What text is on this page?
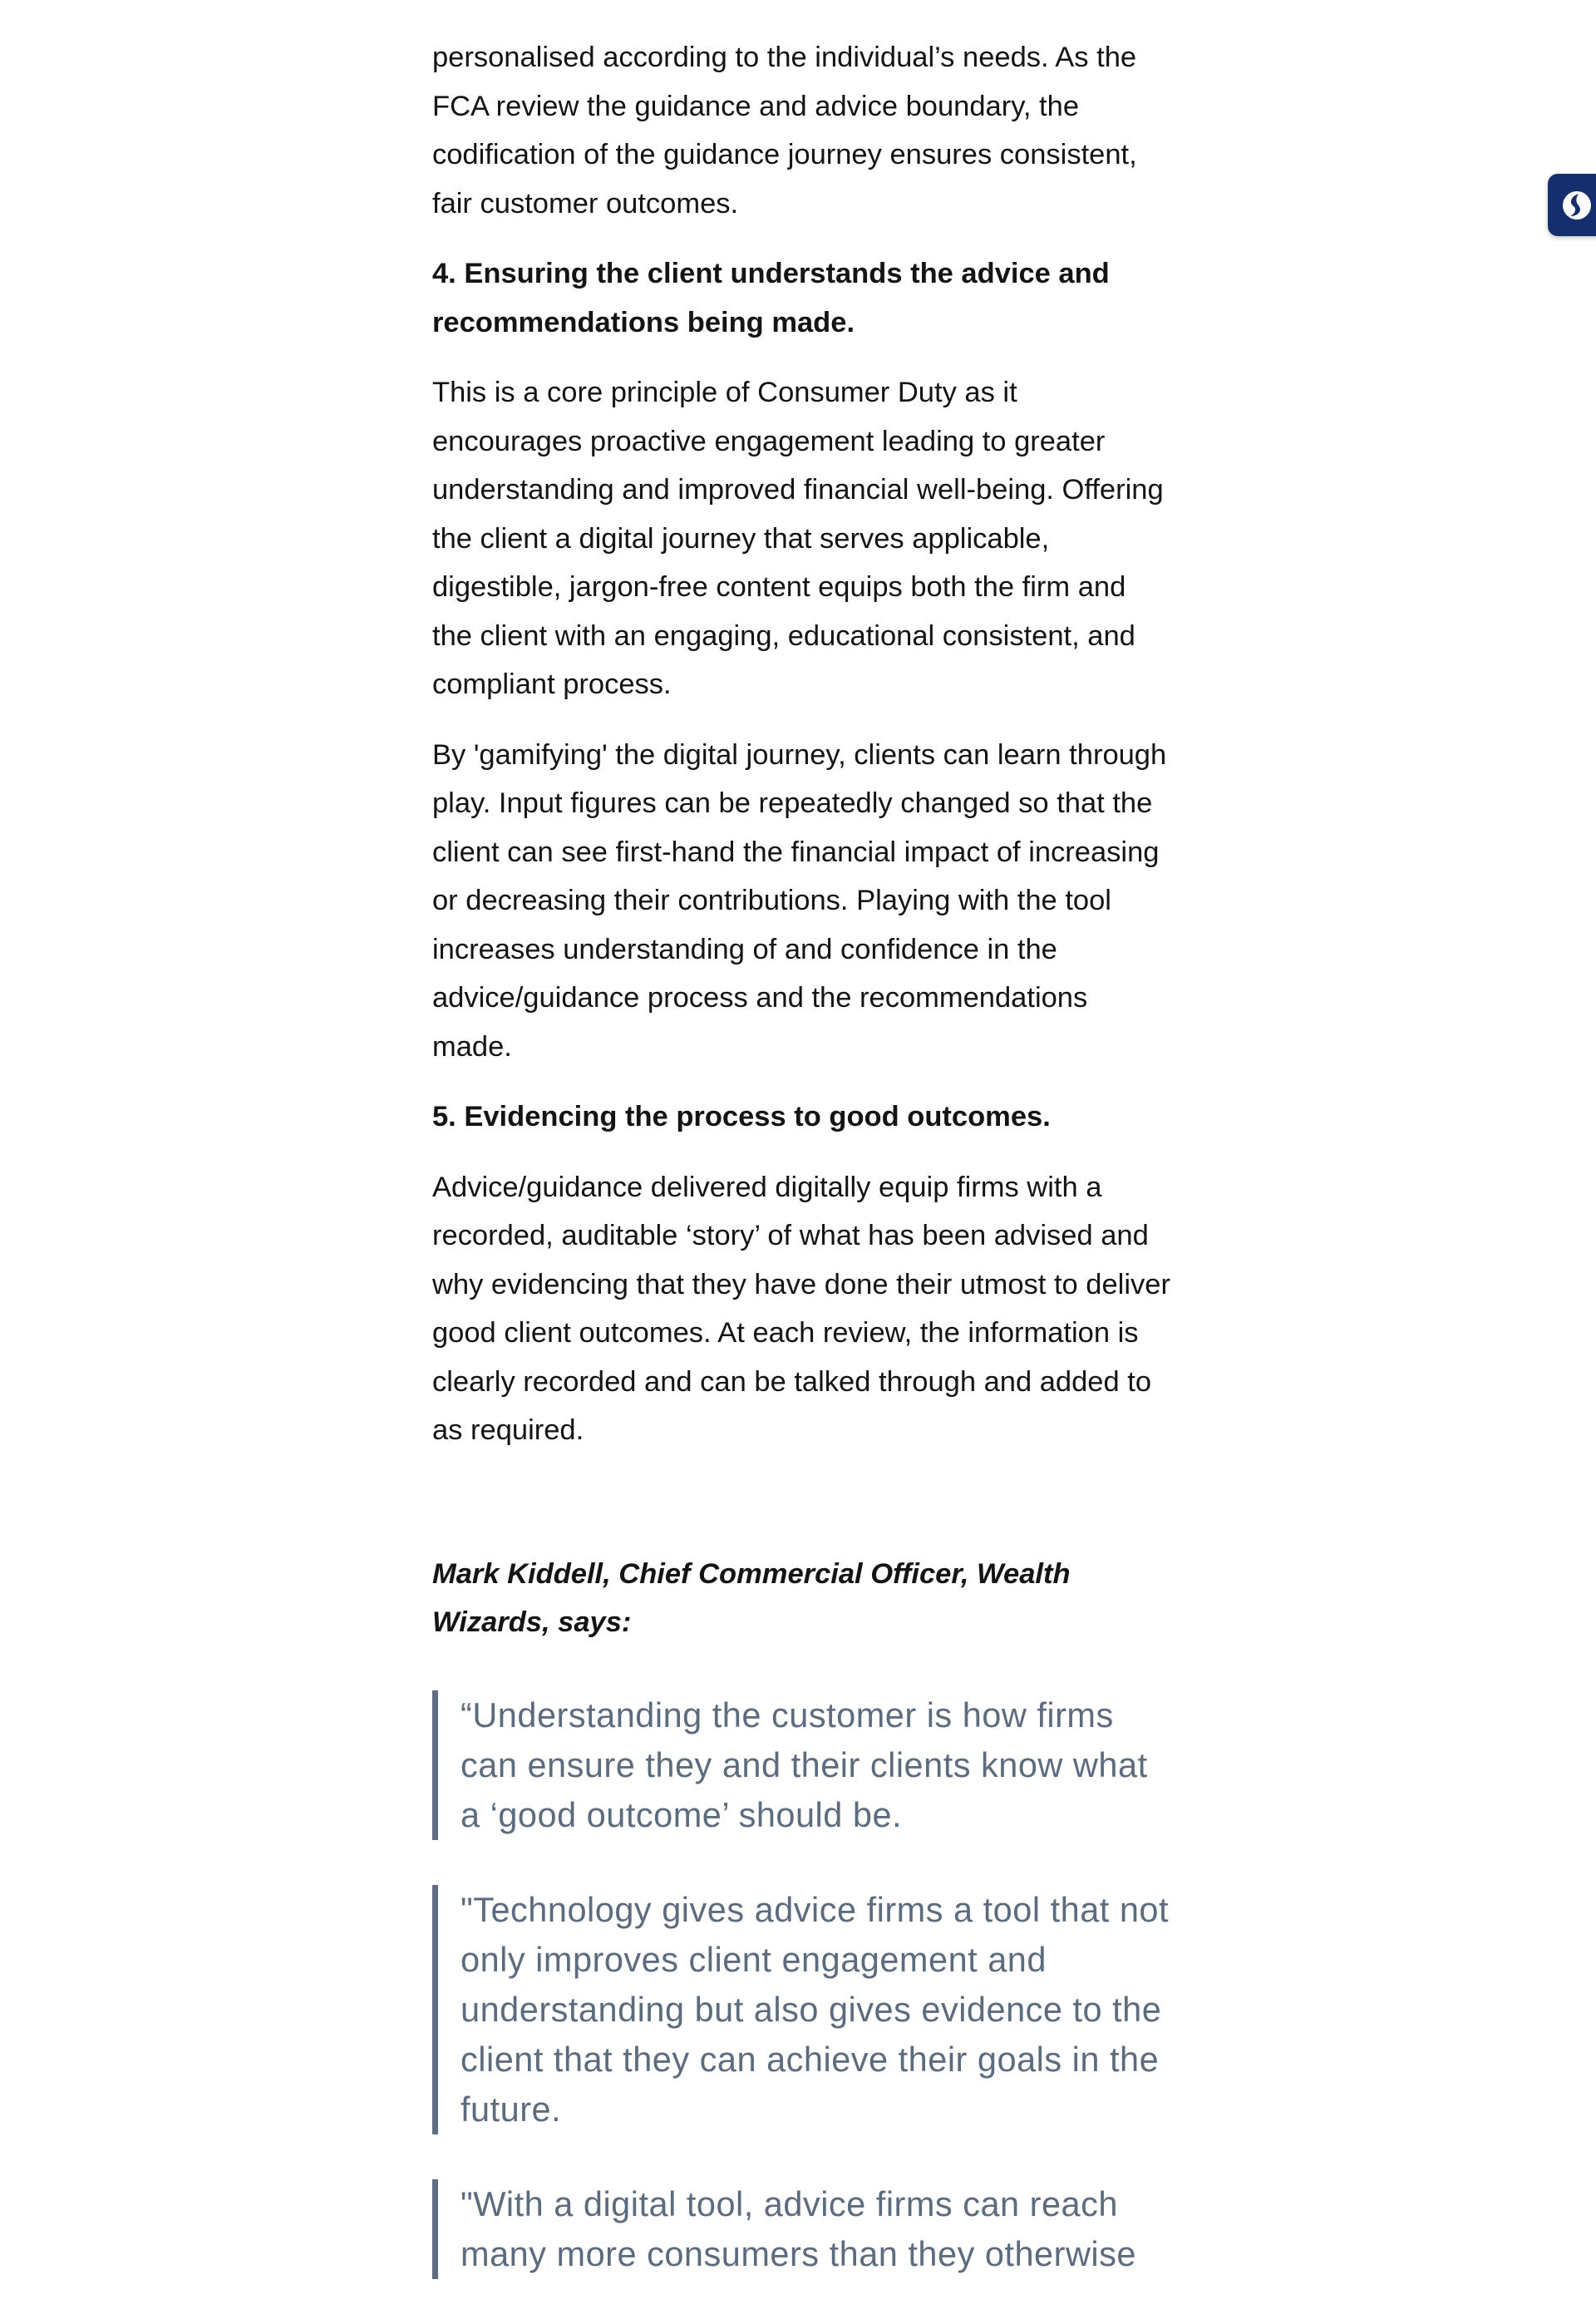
personalised according to the individual’s needs. As the FCA review the guidance and advice boundary, the codification of the guidance journey ensures consistent, fair customer outcomes.

4. Ensuring the client understands the advice and recommendations being made.

This is a core principle of Consumer Duty as it encourages proactive engagement leading to greater understanding and improved financial well-being. Offering the client a digital journey that serves applicable, digestible, jargon-free content equips both the firm and the client with an engaging, educational consistent, and compliant process.

By 'gamifying' the digital journey, clients can learn through play. Input figures can be repeatedly changed so that the client can see first-hand the financial impact of increasing or decreasing their contributions. Playing with the tool increases understanding of and confidence in the advice/guidance process and the recommendations made.

5. Evidencing the process to good outcomes.

Advice/guidance delivered digitally equip firms with a recorded, auditable ‘story’ of what has been advised and why evidencing that they have done their utmost to deliver good client outcomes. At each review, the information is clearly recorded and can be talked through and added to as required.

Mark Kiddell, Chief Commercial Officer, Wealth Wizards, says:

“Understanding the customer is how firms can ensure they and their clients know what a ‘good outcome’ should be.

"Technology gives advice firms a tool that not only improves client engagement and understanding but also gives evidence to the client that they can achieve their goals in the future.

"With a digital tool, advice firms can reach many more consumers than they otherwise
